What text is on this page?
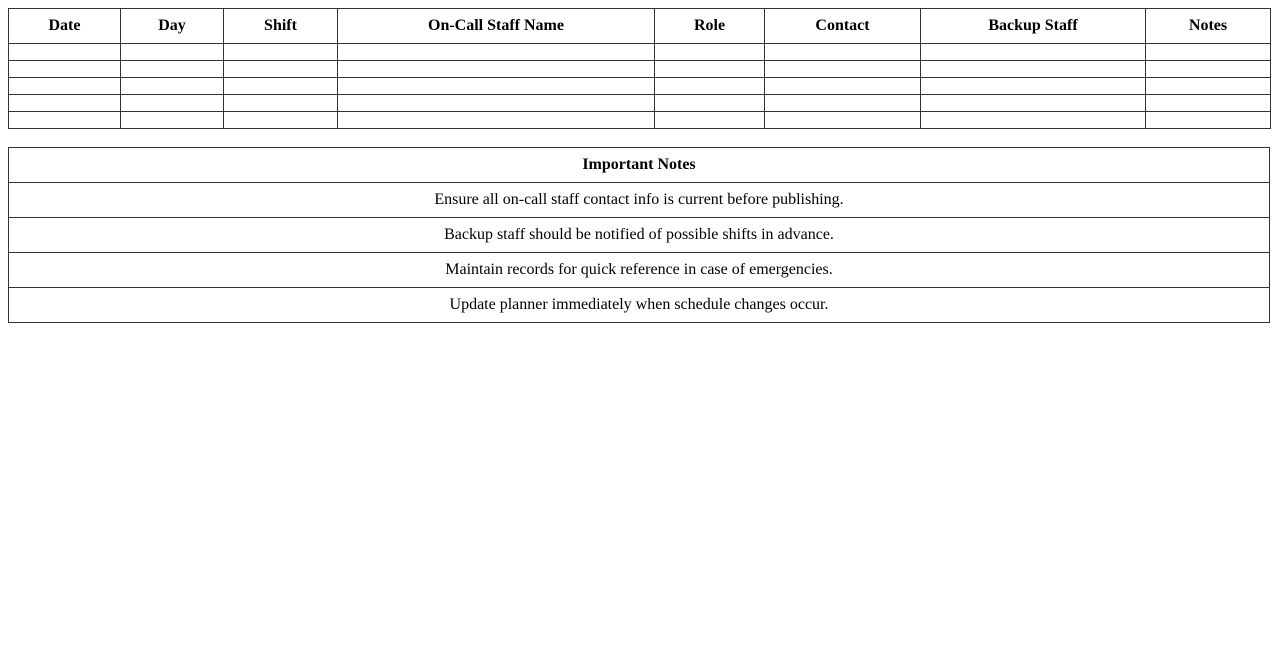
Date	Day	Shift	On-Call Staff Name	Role	Contact	Backup Staff	Notes

Important Notes
Ensure all on-call staff contact info is current before publishing.
Backup staff should be notified of possible shifts in advance.
Maintain records for quick reference in case of emergencies.
Update planner immediately when schedule changes occur.
